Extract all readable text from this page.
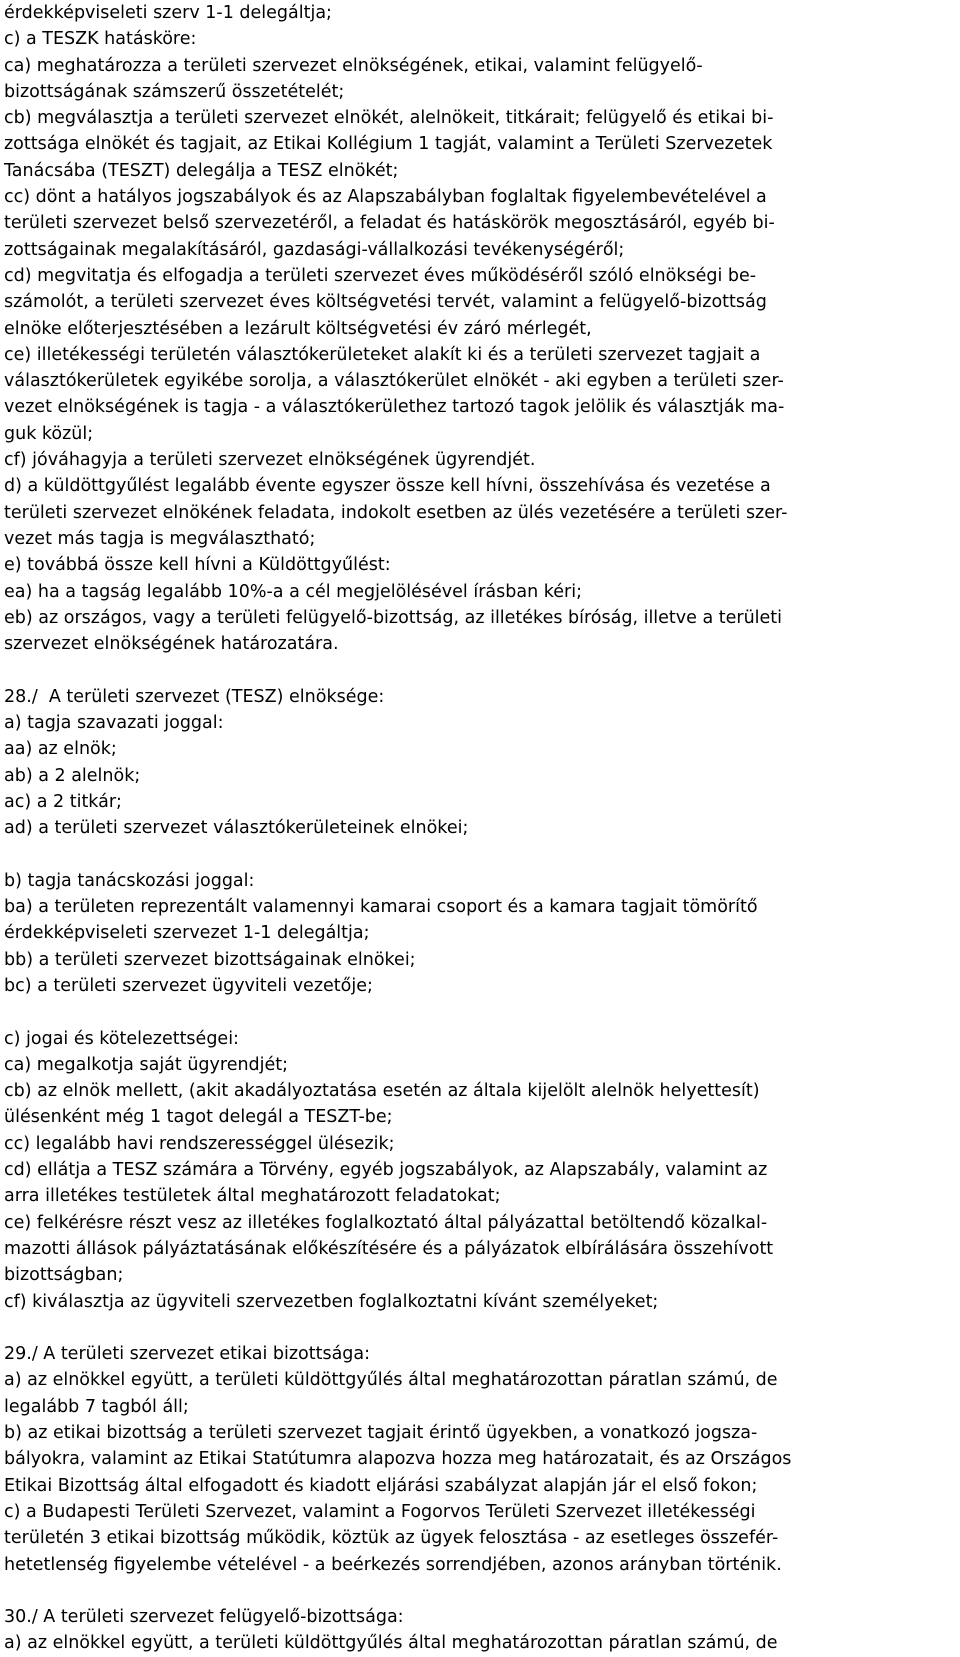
érdekképviseleti szerv 1-1 delegáltja;
c) a TESZK hatásköre:
ca) meghatározza a területi szervezet elnökségének, etikai, valamint felügyelő-
bizottságának számszerű összetételét;
cb) megválasztja a területi szervezet elnökét, alelnökeit, titkárait; felügyelő és etikai bi-
zottsága elnökét és tagjait, az Etikai Kollégium 1 tagját, valamint a Területi Szervezetek
Tanácsába (TESZT) delegálja a TESZ elnökét;
cc) dönt a hatályos jogszabályok és az Alapszabályban foglaltak figyelembevételével a
területi szervezet belső szervezetéről, a feladat és hatáskörök megosztásáról, egyéb bi-
zottságainak megalakításáról, gazdasági-vállalkozási tevékenységéről;
cd) megvitatja és elfogadja a területi szervezet éves működéséről szóló elnökségi be-
számolót, a területi szervezet éves költségvetési tervét, valamint a felügyelő-bizottság
elnöke előterjesztésében a lezárult költségvetési év záró mérlegét,
ce) illetékességi területén választókerületeket alakít ki és a területi szervezet tagjait a
választókerületek egyikébe sorolja, a választókerület elnökét - aki egyben a területi szer-
vezet elnökségének is tagja - a választókerülethez tartozó tagok jelölik és választják ma-
guk közül;
cf) jóváhagyja a területi szervezet elnökségének ügyrendjét.
d) a küldöttgyűlést legalább évente egyszer össze kell hívni, összehívása és vezetése a
területi szervezet elnökének feladata, indokolt esetben az ülés vezetésére a területi szer-
vezet más tagja is megválasztható;
e) továbbá össze kell hívni a Küldöttgyűlést:
ea) ha a tagság legalább 10%-a a cél megjelölésével írásban kéri;
eb) az országos, vagy a területi felügyelő-bizottság, az illetékes bíróság, illetve a területi
szervezet elnökségének határozatára.
28./  A területi szervezet (TESZ) elnöksége:
a) tagja szavazati joggal:
aa) az elnök;
ab) a 2 alelnök;
ac) a 2 titkár;
ad) a területi szervezet választókerületeinek elnökei;
b) tagja tanácskozási joggal:
ba) a területen reprezentált valamennyi kamarai csoport és a kamara tagjait tömörítő
érdekképviseleti szervezet 1-1 delegáltja;
bb) a területi szervezet bizottságainak elnökei;
bc) a területi szervezet ügyviteli vezetője;
c) jogai és kötelezettségei:
ca) megalkotja saját ügyrendjét;
cb) az elnök mellett, (akit akadályoztatása esetén az általa kijelölt alelnök helyettesít)
ülésenként még 1 tagot delegál a TESZT-be;
cc) legalább havi rendszerességgel ülésezik;
cd) ellátja a TESZ számára a Törvény, egyéb jogszabályok, az Alapszabály, valamint az
arra illetékes testületek által meghatározott feladatokat;
ce) felkérésre részt vesz az illetékes foglalkoztató által pályázattal betöltendő közalkal-
mazotti állások pályáztatásának előkészítésére és a pályázatok elbírálására összehívott
bizottságban;
cf) kiválasztja az ügyviteli szervezetben foglalkoztatni kívánt személyeket;
29./ A területi szervezet etikai bizottsága:
a) az elnökkel együtt, a területi küldöttgyűlés által meghatározottan páratlan számú, de
legalább 7 tagból áll;
b) az etikai bizottság a területi szervezet tagjait érintő ügyekben, a vonatkozó jogsza-
bályokra, valamint az Etikai Statútumra alapozva hozza meg határozatait, és az Országos
Etikai Bizottság által elfogadott és kiadott eljárási szabályzat alapján jár el első fokon;
c) a Budapesti Területi Szervezet, valamint a Fogorvos Területi Szervezet illetékességi
területén 3 etikai bizottság működik, köztük az ügyek felosztása - az esetleges összefér-
hetetlenség figyelembe vételével - a beérkezés sorrendjében, azonos arányban történik.
30./ A területi szervezet felügyelő-bizottsága:
a) az elnökkel együtt, a területi küldöttgyűlés által meghatározottan páratlan számú, de
